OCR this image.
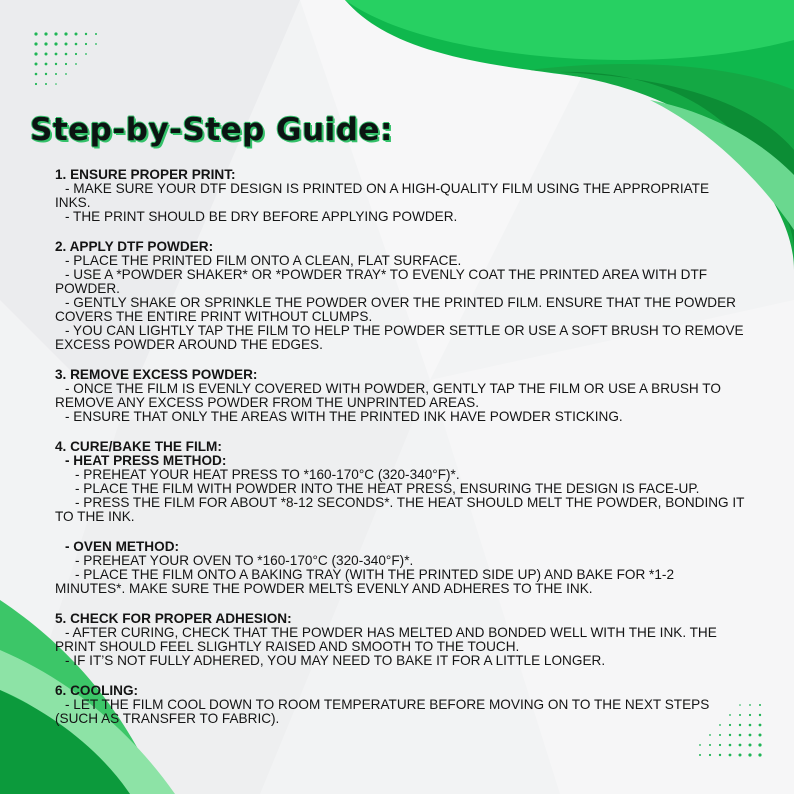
Step-by-Step Guide:
1. ENSURE PROPER PRINT:
- MAKE SURE YOUR DTF DESIGN IS PRINTED ON A HIGH-QUALITY FILM USING THE APPROPRIATE INKS.
- THE PRINT SHOULD BE DRY BEFORE APPLYING POWDER.
2. APPLY DTF POWDER:
- PLACE THE PRINTED FILM ONTO A CLEAN, FLAT SURFACE.
- USE A *POWDER SHAKER* OR *POWDER TRAY* TO EVENLY COAT THE PRINTED AREA WITH DTF POWDER.
- GENTLY SHAKE OR SPRINKLE THE POWDER OVER THE PRINTED FILM. ENSURE THAT THE POWDER COVERS THE ENTIRE PRINT WITHOUT CLUMPS.
- YOU CAN LIGHTLY TAP THE FILM TO HELP THE POWDER SETTLE OR USE A SOFT BRUSH TO REMOVE EXCESS POWDER AROUND THE EDGES.
3. REMOVE EXCESS POWDER:
- ONCE THE FILM IS EVENLY COVERED WITH POWDER, GENTLY TAP THE FILM OR USE A BRUSH TO REMOVE ANY EXCESS POWDER FROM THE UNPRINTED AREAS.
- ENSURE THAT ONLY THE AREAS WITH THE PRINTED INK HAVE POWDER STICKING.
4. CURE/BAKE THE FILM:
- HEAT PRESS METHOD:
- PREHEAT YOUR HEAT PRESS TO *160-170°C (320-340°F)*.
- PLACE THE FILM WITH POWDER INTO THE HEAT PRESS, ENSURING THE DESIGN IS FACE-UP.
- PRESS THE FILM FOR ABOUT *8-12 SECONDS*. THE HEAT SHOULD MELT THE POWDER, BONDING IT TO THE INK.
- OVEN METHOD:
- PREHEAT YOUR OVEN TO *160-170°C (320-340°F)*.
- PLACE THE FILM ONTO A BAKING TRAY (WITH THE PRINTED SIDE UP) AND BAKE FOR *1-2 MINUTES*. MAKE SURE THE POWDER MELTS EVENLY AND ADHERES TO THE INK.
5. CHECK FOR PROPER ADHESION:
- AFTER CURING, CHECK THAT THE POWDER HAS MELTED AND BONDED WELL WITH THE INK. THE PRINT SHOULD FEEL SLIGHTLY RAISED AND SMOOTH TO THE TOUCH.
- IF IT’S NOT FULLY ADHERED, YOU MAY NEED TO BAKE IT FOR A LITTLE LONGER.
6. COOLING:
- LET THE FILM COOL DOWN TO ROOM TEMPERATURE BEFORE MOVING ON TO THE NEXT STEPS (SUCH AS TRANSFER TO FABRIC).
